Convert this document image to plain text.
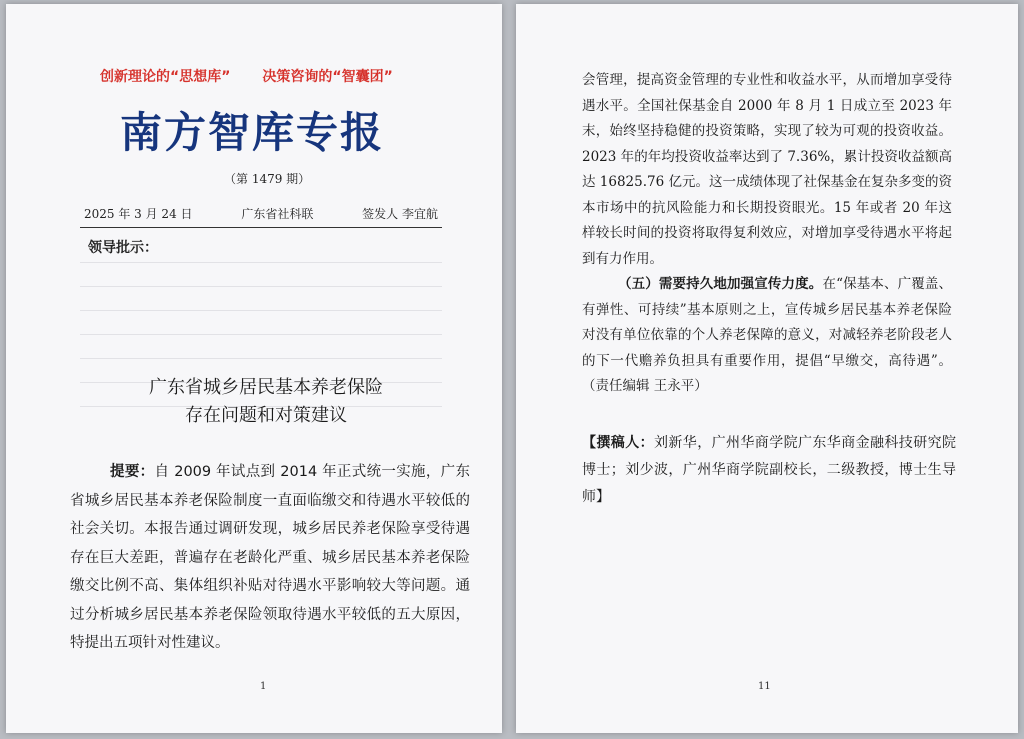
创新理论的“思想库” 决策咨询的“智囊团”
南方智库专报
（第 1479 期）
2025 年 3 月 24 日	广东省社科联	签发人 李宜航
领导批示：
广东省城乡居民基本养老保险
存在问题和对策建议
提要：自 2009 年试点到 2014 年正式统一实施，广东省城乡居民基本养老保险制度一直面临缴交和待遇水平较低的社会关切。本报告通过调研发现，城乡居民养老保险享受待遇存在巨大差距，普遍存在老龄化严重、城乡居民基本养老保险缴交比例不高、集体组织补贴对待遇水平影响较大等问题。通过分析城乡居民基本养老保险领取待遇水平较低的五大原因，特提出五项针对性建议。
1
会管理，提高资金管理的专业性和收益水平，从而增加享受待遇水平。全国社保基金自 2000 年 8 月 1 日成立至 2023 年末，始终坚持稳健的投资策略，实现了较为可观的投资收益。2023 年的年均投资收益率达到了 7.36%，累计投资收益额高达 16825.76 亿元。这一成绩体现了社保基金在复杂多变的资本市场中的抗风险能力和长期投资眼光。15 年或者 20 年这样较长时间的投资将取得复利效应，对增加享受待遇水平将起到有力作用。
（五）需要持久地加强宣传力度。在“保基本、广覆盖、有弹性、可持续”基本原则之上，宣传城乡居民基本养老保险对没有单位依靠的个人养老保障的意义，对减轻养老阶段老人的下一代赡养负担具有重要作用，提倡“早缴交，高待遇”。（责任编辑 王永平）
【撰稿人：刘新华，广州华商学院广东华商金融科技研究院博士；刘少波，广州华商学院副校长，二级教授，博士生导师】
11
